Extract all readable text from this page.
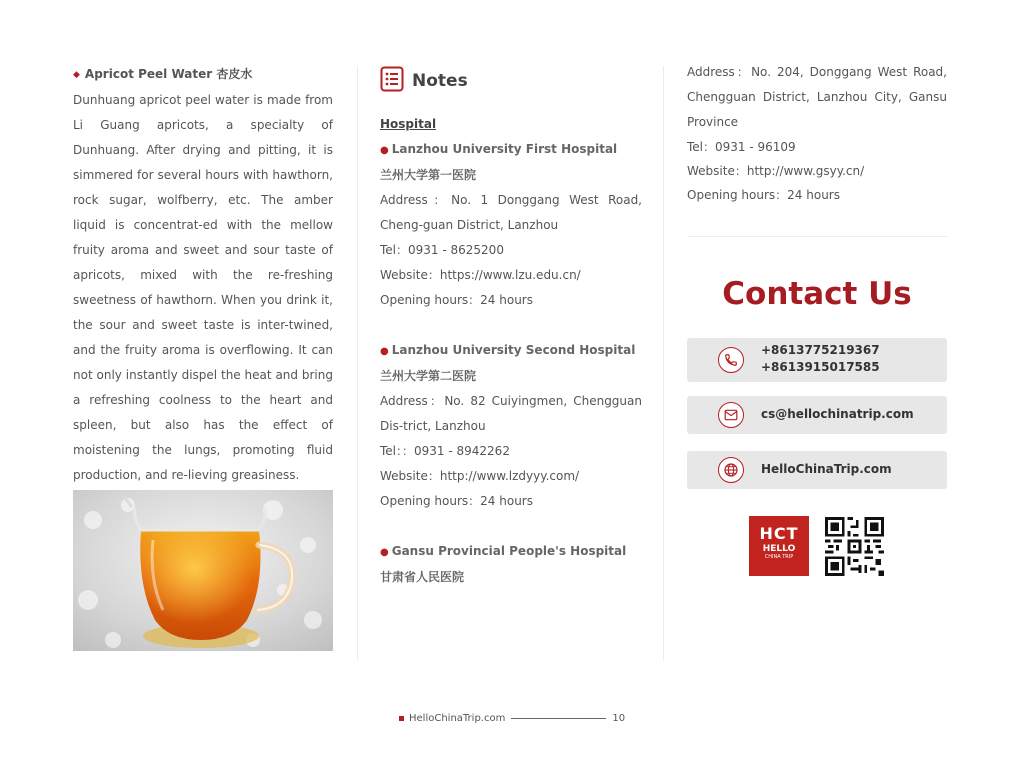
◆ Apricot Peel Water 杏皮水

Dunhuang apricot peel water is made from Li Guang apricots, a specialty of Dunhuang. After drying and pitting, it is simmered for several hours with hawthorn, rock sugar, wolfberry, etc. The amber liquid is concentrat-ed with the mellow fruity aroma and sweet and sour taste of apricots, mixed with the re-freshing sweetness of hawthorn. When you drink it, the sour and sweet taste is inter-twined, and the fruity aroma is overflowing. It can not only instantly dispel the heat and bring a refreshing coolness to the heart and spleen, but also has the effect of moistening the lungs, promoting fluid production, and re-lieving greasiness.

Notes
Hospital
● Lanzhou University First Hospital
兰州大学第一医院

Address：No. 1 Donggang West Road, Cheng-guan District, Lanzhou

Tel：0931 - 8625200

Website：https://www.lzu.edu.cn/

Opening hours：24 hours

● Lanzhou University Second Hospital
兰州大学第二医院

Address：No. 82 Cuiyingmen, Chengguan Dis-trict, Lanzhou

Tel：：0931 - 8942262

Website：http://www.lzdyyy.com/

Opening hours：24 hours

● Gansu Provincial People's Hospital
甘肃省人民医院

Address：No. 204, Donggang West Road, Chengguan District, Lanzhou City, Gansu Province

Tel：0931 - 96109

Website：http://www.gsyy.cn/

Opening hours：24 hours

Contact Us
+8613775219367
+8613915017585
cs@hellochinatrip.com
HelloChinaTrip.com
HCT
HELLO
CHINA TRIP
HelloChinaTrip.com	10
